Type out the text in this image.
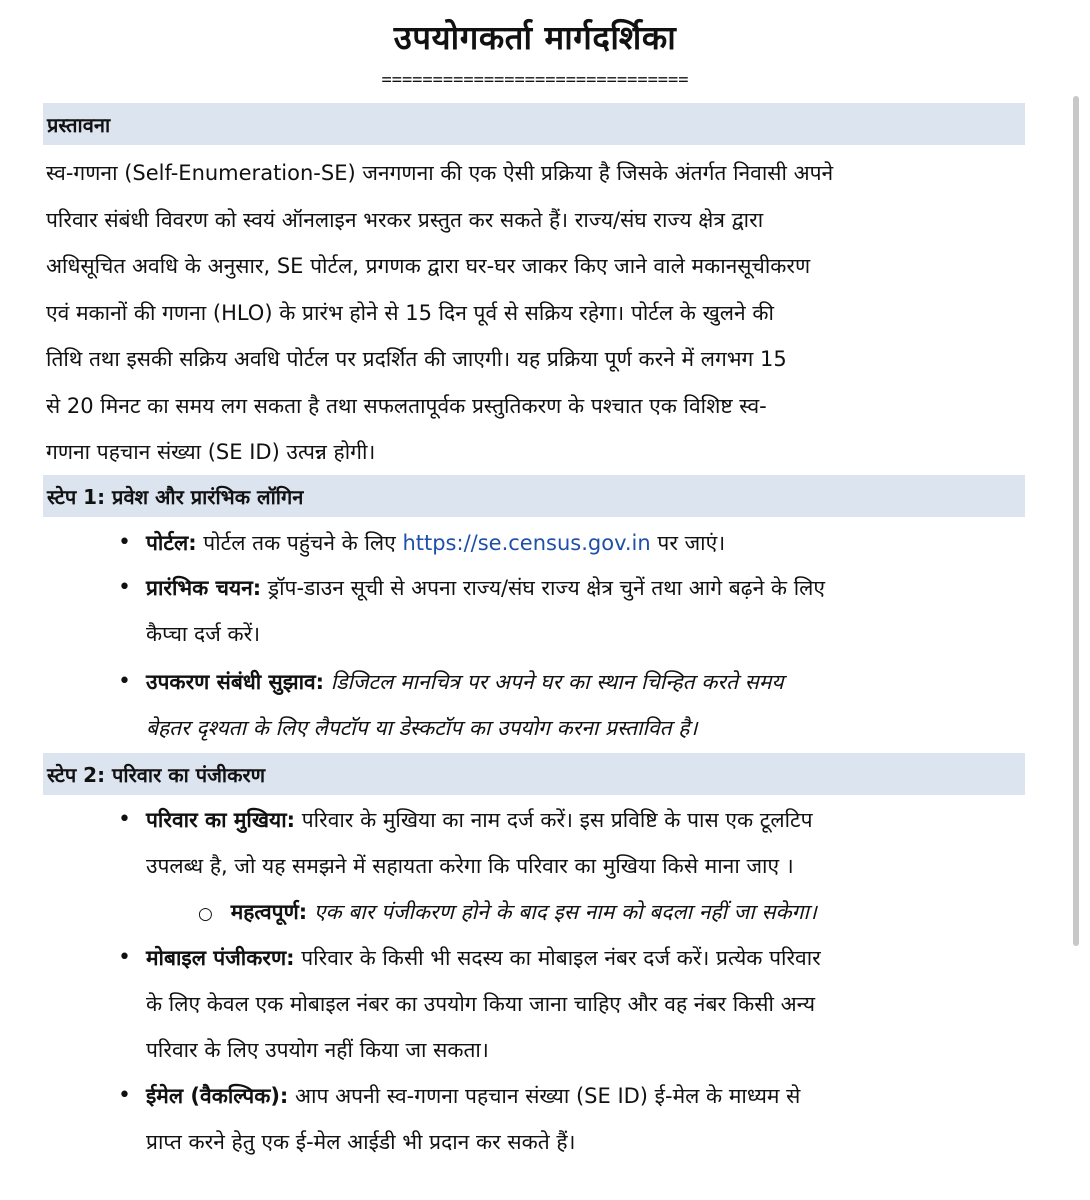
उपयोगकर्ता मार्गदर्शिका
==============================
प्रस्तावना
स्व-गणना (Self-Enumeration-SE) जनगणना की एक ऐसी प्रक्रिया है जिसके अंतर्गत निवासी अपने
परिवार संबंधी विवरण को स्वयं ऑनलाइन भरकर प्रस्तुत कर सकते हैं। राज्य/संघ राज्य क्षेत्र द्वारा
अधिसूचित अवधि के अनुसार, SE पोर्टल, प्रगणक द्वारा घर-घर जाकर किए जाने वाले मकानसूचीकरण
एवं मकानों की गणना (HLO) के प्रारंभ होने से 15 दिन पूर्व से सक्रिय रहेगा। पोर्टल के खुलने की
तिथि तथा इसकी सक्रिय अवधि पोर्टल पर प्रदर्शित की जाएगी। यह प्रक्रिया पूर्ण करने में लगभग 15
से 20 मिनट का समय लग सकता है तथा सफलतापूर्वक प्रस्तुतिकरण के पश्चात एक विशिष्ट स्व-
गणना पहचान संख्या (SE ID) उत्पन्न होगी।
स्टेप 1: प्रवेश और प्रारंभिक लॉगिन
• पोर्टल: पोर्टल तक पहुंचने के लिए https://se.census.gov.in पर जाएं।
• प्रारंभिक चयन: ड्रॉप-डाउन सूची से अपना राज्य/संघ राज्य क्षेत्र चुनें तथा आगे बढ़ने के लिए
कैप्चा दर्ज करें।
• उपकरण संबंधी सुझाव: डिजिटल मानचित्र पर अपने घर का स्थान चिन्हित करते समय
बेहतर दृश्यता के लिए लैपटॉप या डेस्कटॉप का उपयोग करना प्रस्तावित है।
स्टेप 2: परिवार का पंजीकरण
• परिवार का मुखिया: परिवार के मुखिया का नाम दर्ज करें। इस प्रविष्टि के पास एक टूलटिप
उपलब्ध है, जो यह समझने में सहायता करेगा कि परिवार का मुखिया किसे माना जाए ।
○ महत्वपूर्ण: एक बार पंजीकरण होने के बाद इस नाम को बदला नहीं जा सकेगा।
• मोबाइल पंजीकरण: परिवार के किसी भी सदस्य का मोबाइल नंबर दर्ज करें। प्रत्येक परिवार
के लिए केवल एक मोबाइल नंबर का उपयोग किया जाना चाहिए और वह नंबर किसी अन्य
परिवार के लिए उपयोग नहीं किया जा सकता।
• ईमेल (वैकल्पिक): आप अपनी स्व-गणना पहचान संख्या (SE ID) ई-मेल के माध्यम से
प्राप्त करने हेतु एक ई-मेल आईडी भी प्रदान कर सकते हैं।
